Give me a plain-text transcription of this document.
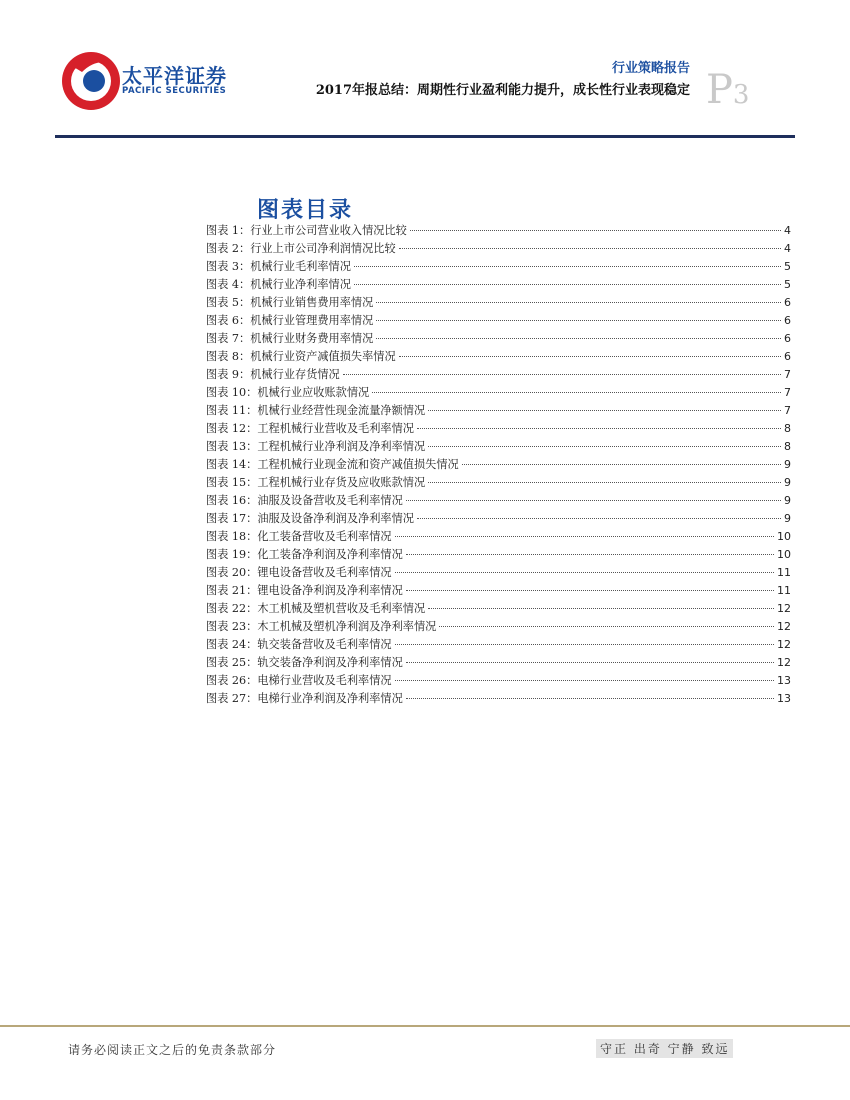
太平洋证券
PACIFIC SECURITIES
行业策略报告
2017年报总结：周期性行业盈利能力提升，成长性行业表现稳定 P3
图表目录
图表 1：行业上市公司营业收入情况比较	4
图表 2：行业上市公司净利润情况比较	4
图表 3：机械行业毛利率情况	5
图表 4：机械行业净利率情况	5
图表 5：机械行业销售费用率情况	6
图表 6：机械行业管理费用率情况	6
图表 7：机械行业财务费用率情况	6
图表 8：机械行业资产减值损失率情况	6
图表 9：机械行业存货情况	7
图表 10：机械行业应收账款情况	7
图表 11：机械行业经营性现金流量净额情况	7
图表 12：工程机械行业营收及毛利率情况	8
图表 13：工程机械行业净利润及净利率情况	8
图表 14：工程机械行业现金流和资产减值损失情况	9
图表 15：工程机械行业存货及应收账款情况	9
图表 16：油服及设备营收及毛利率情况	9
图表 17：油服及设备净利润及净利率情况	9
图表 18：化工装备营收及毛利率情况	10
图表 19：化工装备净利润及净利率情况	10
图表 20：锂电设备营收及毛利率情况	11
图表 21：锂电设备净利润及净利率情况	11
图表 22：木工机械及塑机营收及毛利率情况	12
图表 23：木工机械及塑机净利润及净利率情况	12
图表 24：轨交装备营收及毛利率情况	12
图表 25：轨交装备净利润及净利率情况	12
图表 26：电梯行业营收及毛利率情况	13
图表 27：电梯行业净利润及净利率情况	13
请务必阅读正文之后的免责条款部分	守正 出奇 宁静 致远
